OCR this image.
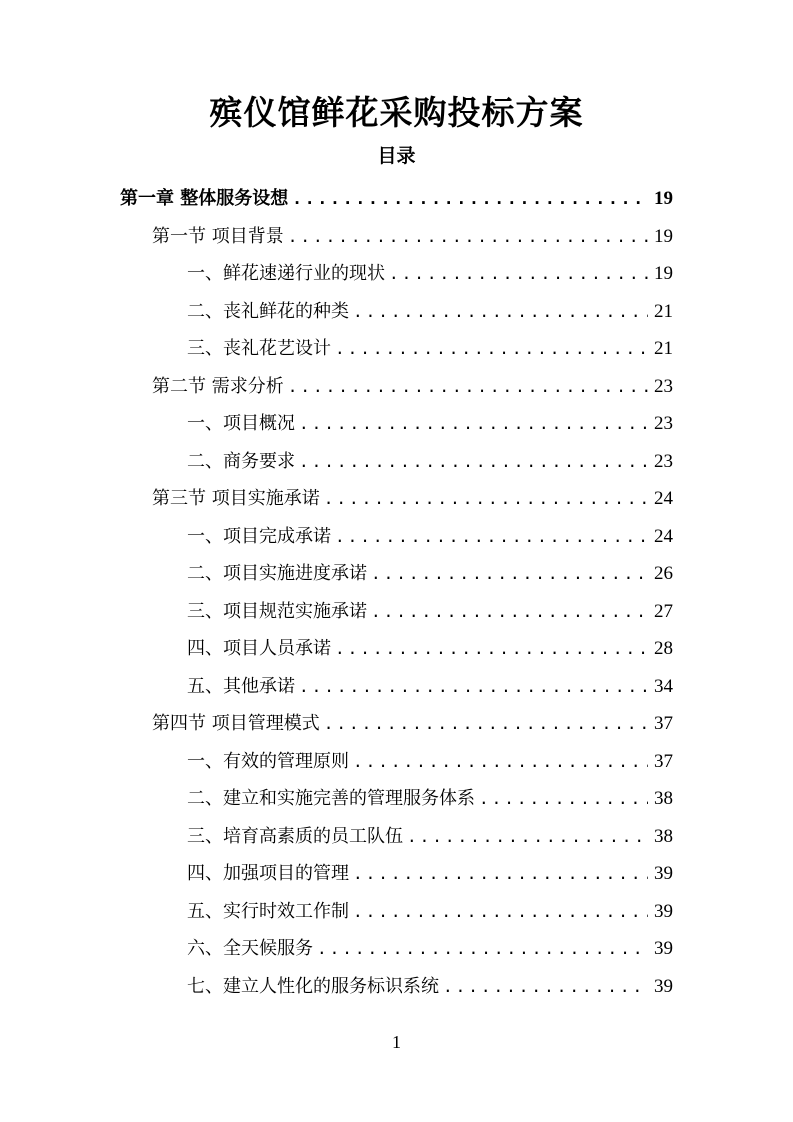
殡仪馆鲜花采购投标方案
目录
第一章 整体服务设想 .....	19
第一节 项目背景 .....	19
一、鲜花速递行业的现状 .....	19
二、丧礼鲜花的种类 .....	21
三、丧礼花艺设计 .....	21
第二节 需求分析 .....	23
一、项目概况 .....	23
二、商务要求 .....	23
第三节 项目实施承诺 .....	24
一、项目完成承诺 .....	24
二、项目实施进度承诺 .....	26
三、项目规范实施承诺 .....	27
四、项目人员承诺 .....	28
五、其他承诺 .....	34
第四节 项目管理模式 .....	37
一、有效的管理原则 .....	37
二、建立和实施完善的管理服务体系 .....	38
三、培育高素质的员工队伍 .....	38
四、加强项目的管理 .....	39
五、实行时效工作制 .....	39
六、全天候服务 .....	39
七、建立人性化的服务标识系统 .....	39
1
